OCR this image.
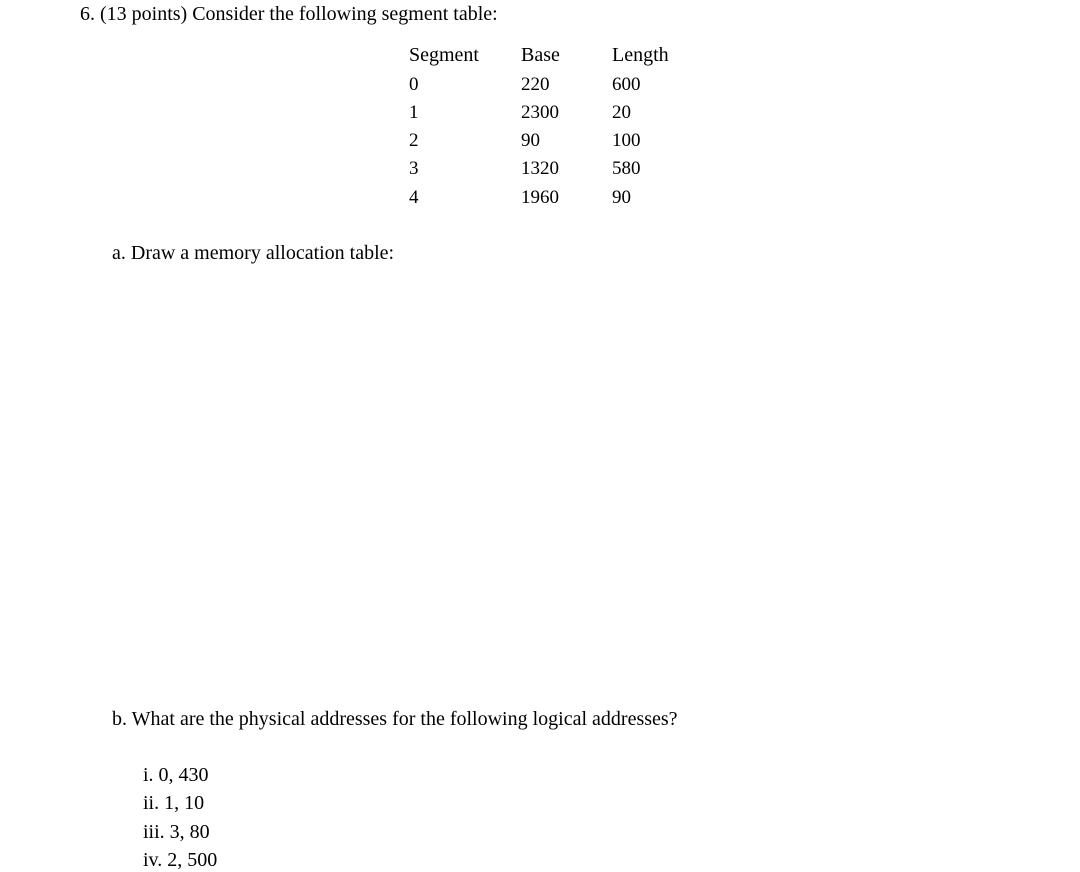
6. (13 points) Consider the following segment table:
Segment Base	Length
0	220	600
1	2300	20
2	90	100
3	1320	580
4	1960	90
a. Draw a memory allocation table:
b. What are the physical addresses for the following logical addresses?
i. 0, 430
ii. 1, 10
iii. 3, 80
iv. 2, 500
